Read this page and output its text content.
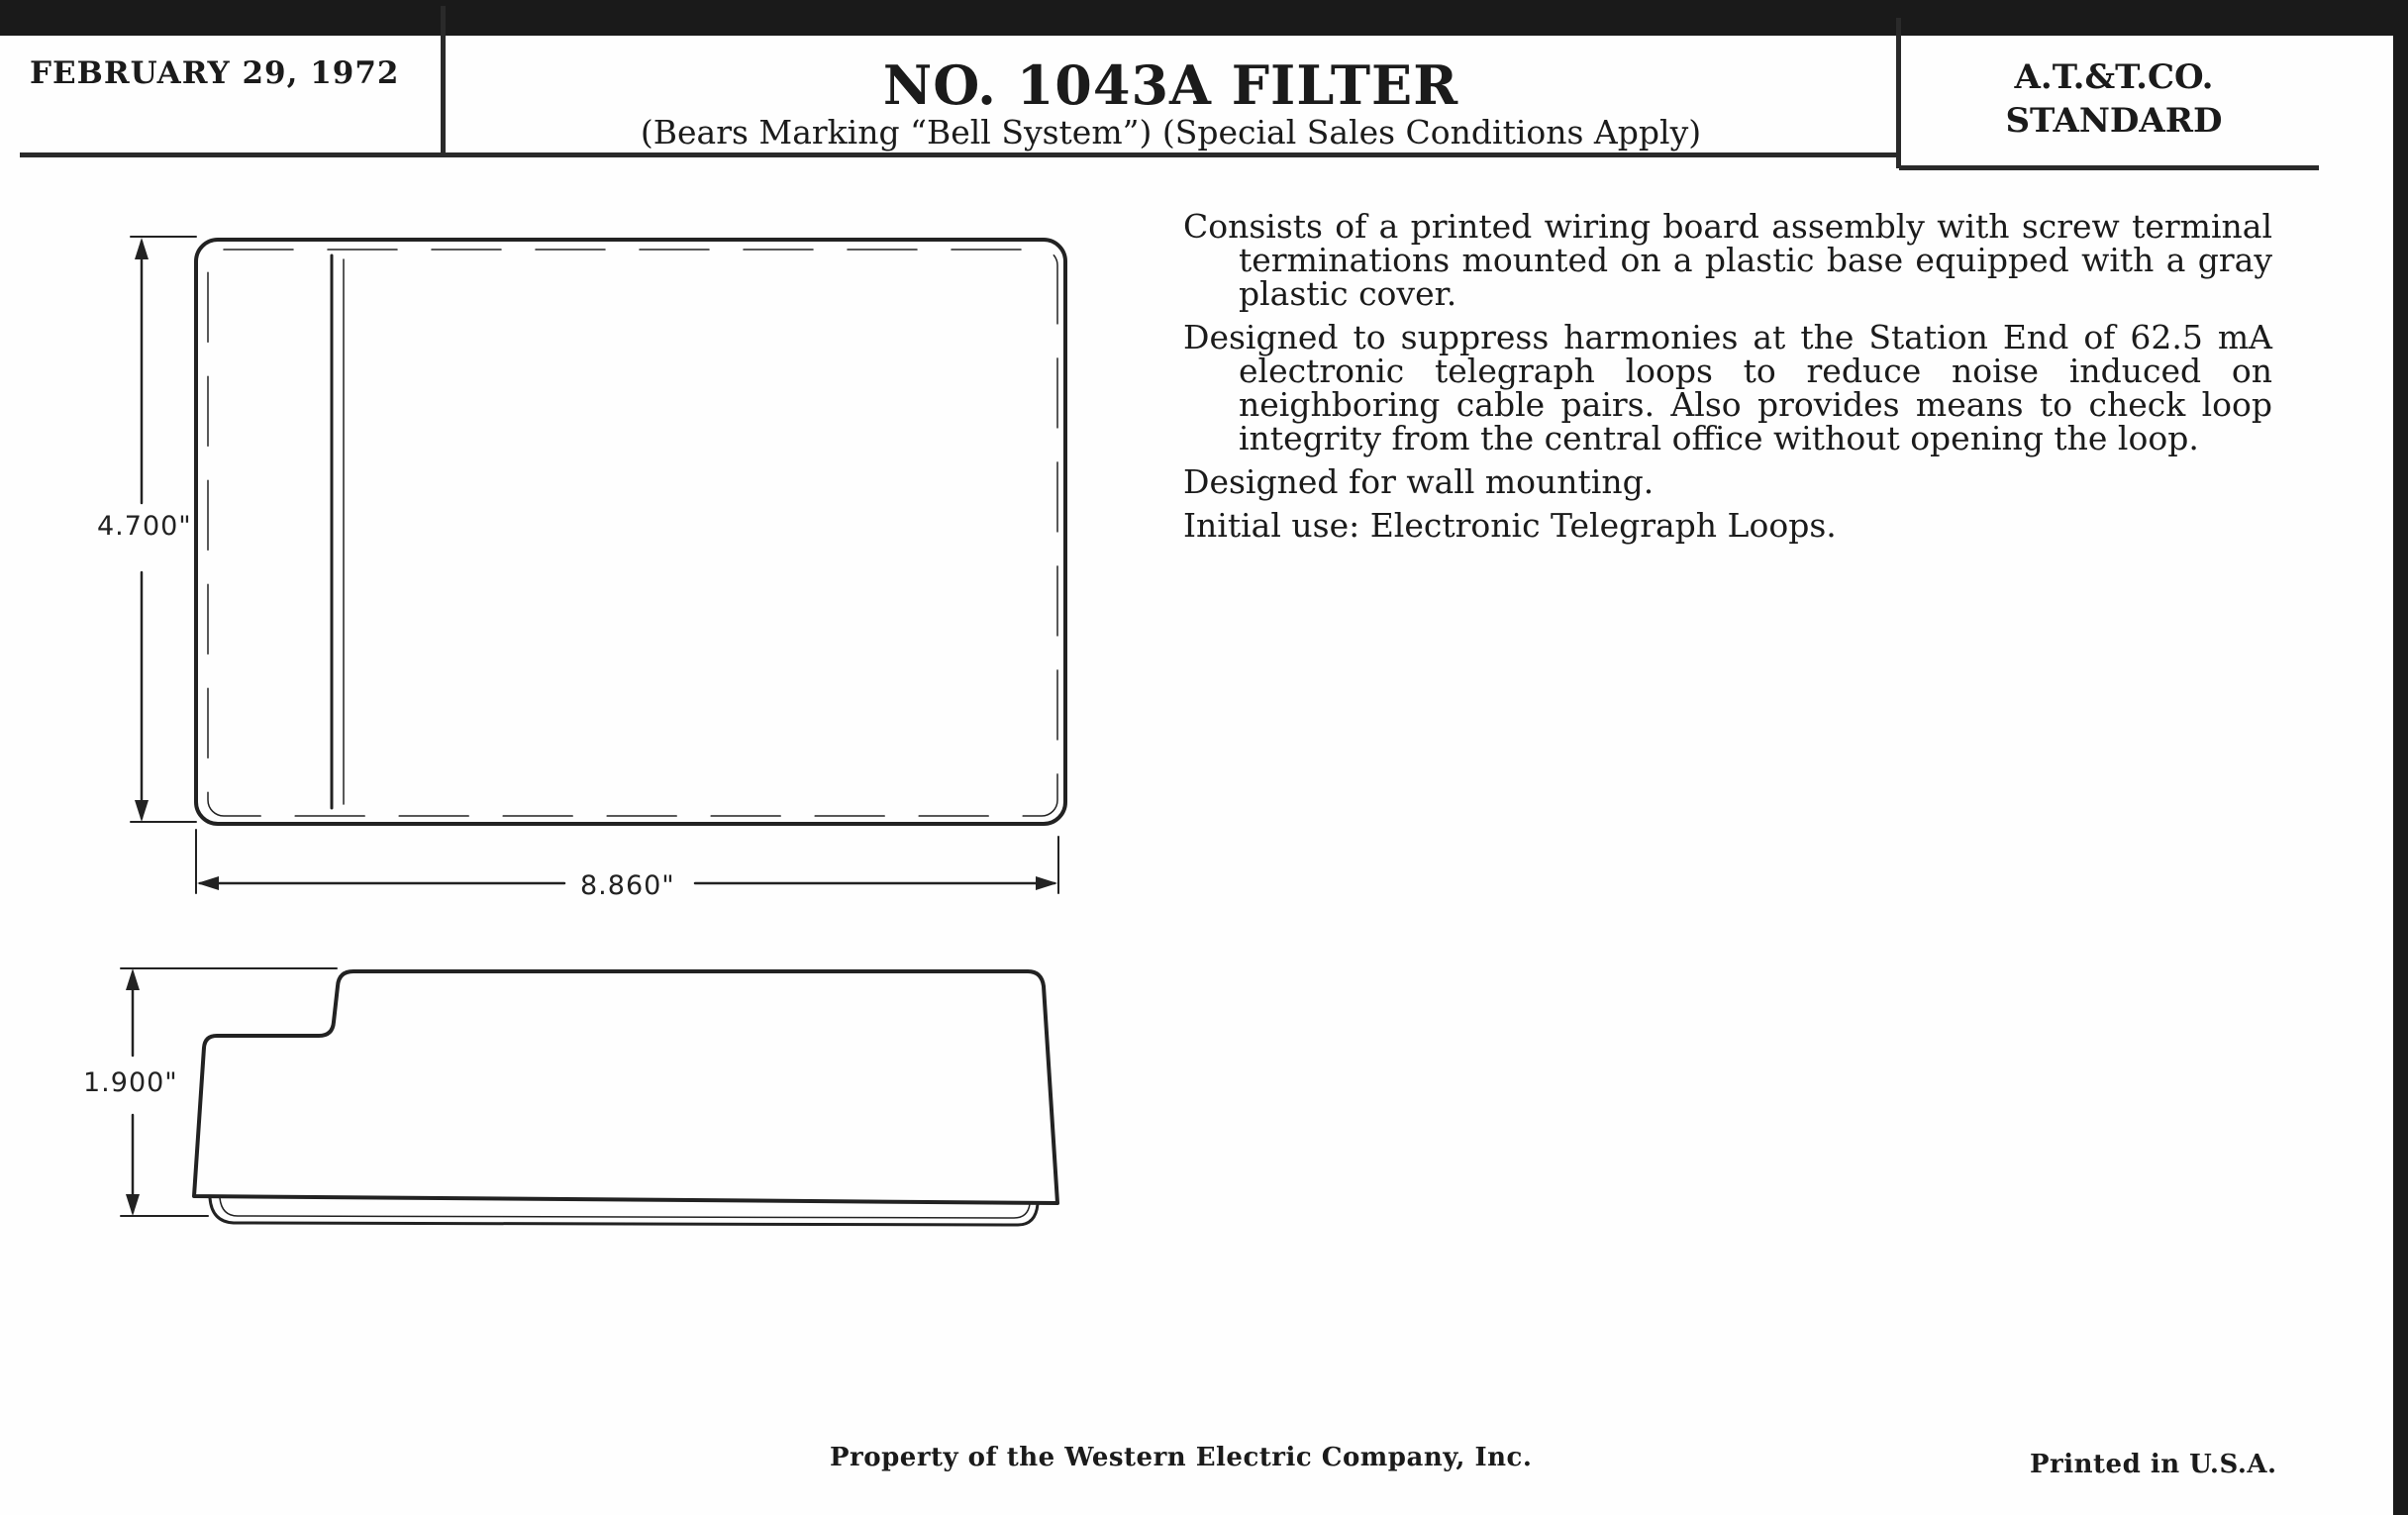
FEBRUARY 29, 1972	NO. 1043A FILTER
(Bears Marking “Bell System”) (Special Sales Conditions Apply)
A.T.&T.CO.
STANDARD
4.700"
8.860"
1.900"

Consists of a printed wiring board assembly with screw terminal terminations mounted on a plastic base equipped with a gray plastic cover.

Designed to suppress harmonies at the Station End of 62.5 mA electronic telegraph loops to reduce noise induced on neighboring cable pairs. Also provides means to check loop integrity from the central office without opening the loop.

Designed for wall mounting.

Initial use: Electronic Telegraph Loops.

Property of the Western Electric Company, Inc.	Printed in U.S.A.
